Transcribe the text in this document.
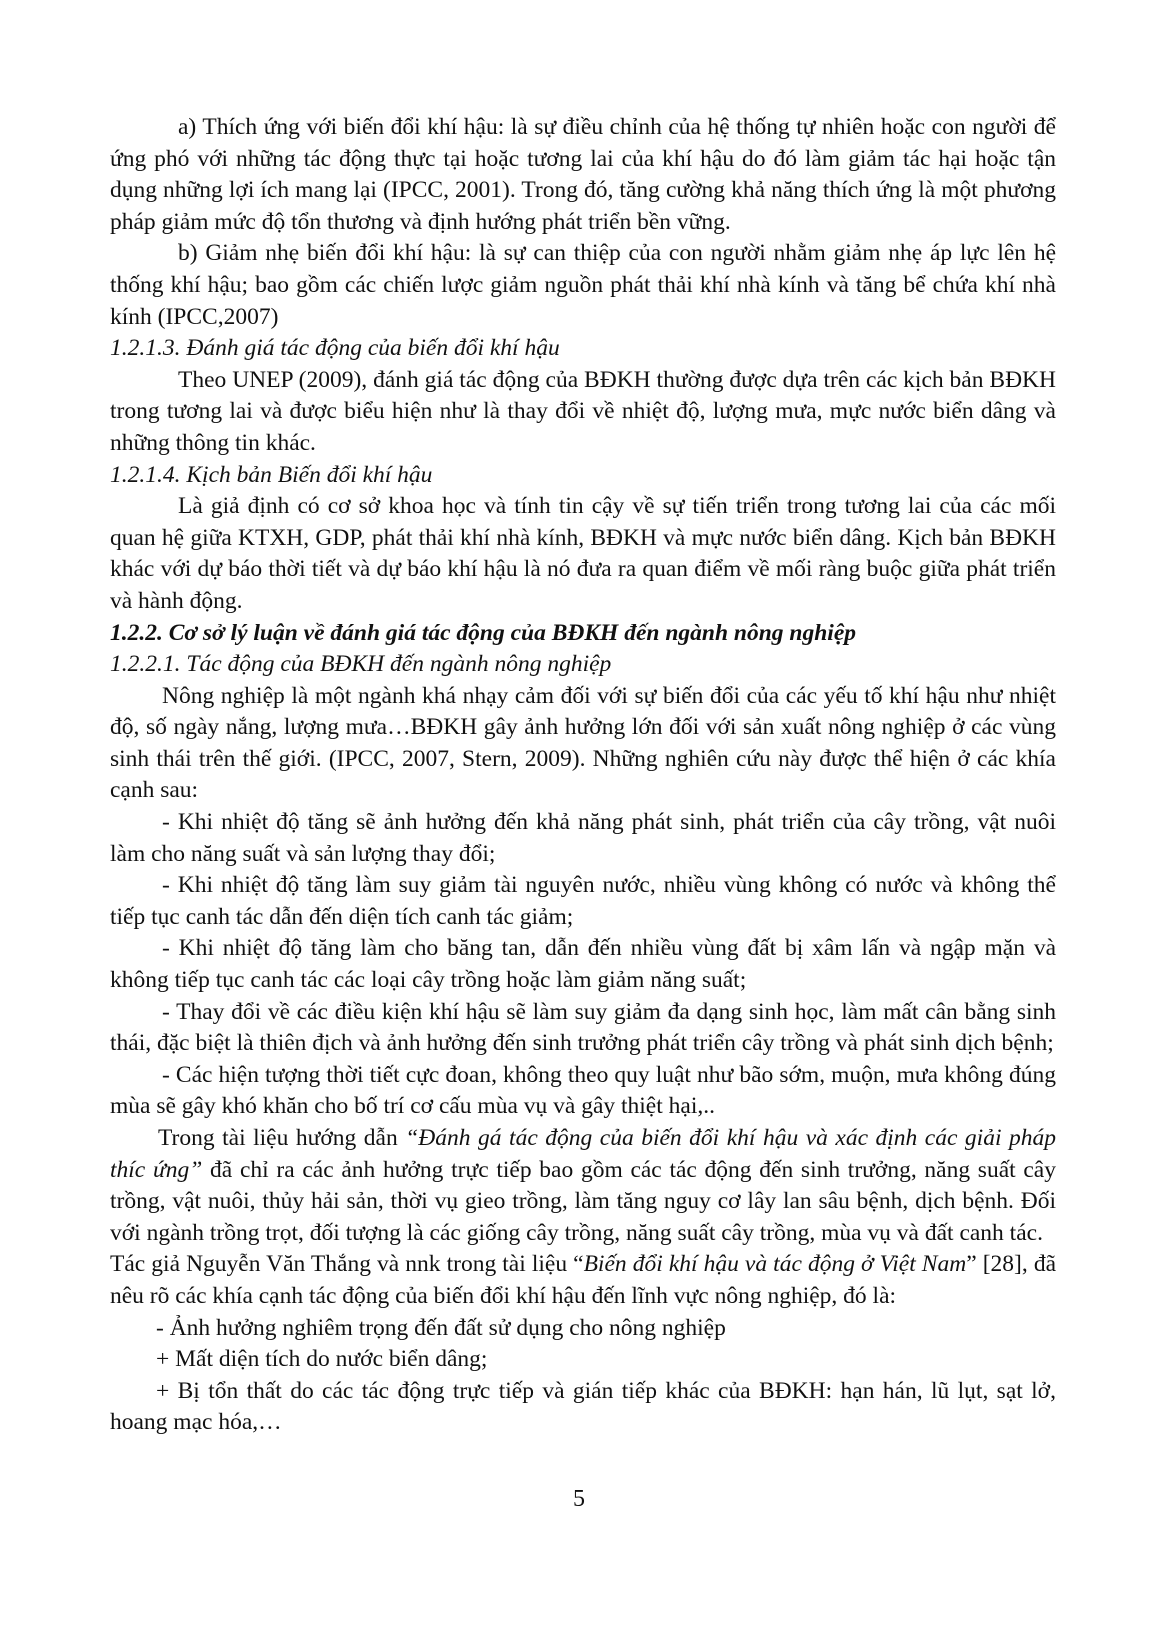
a) Thích ứng với biến đổi khí hậu: là sự điều chỉnh của hệ thống tự nhiên hoặc con người để ứng phó với những tác động thực tại hoặc tương lai của khí hậu do đó làm giảm tác hại hoặc tận dụng những lợi ích mang lại (IPCC, 2001). Trong đó, tăng cường khả năng thích ứng là một phương pháp giảm mức độ tổn thương và định hướng phát triển bền vững.

b) Giảm nhẹ biến đổi khí hậu: là sự can thiệp của con người nhằm giảm nhẹ áp lực lên hệ thống khí hậu; bao gồm các chiến lược giảm nguồn phát thải khí nhà kính và tăng bể chứa khí nhà kính (IPCC,2007)

1.2.1.3. Đánh giá tác động của biến đổi khí hậu

Theo UNEP (2009), đánh giá tác động của BĐKH thường được dựa trên các kịch bản BĐKH trong tương lai và được biểu hiện như là thay đổi về nhiệt độ, lượng mưa, mực nước biển dâng và những thông tin khác.

1.2.1.4. Kịch bản Biến đổi khí hậu

Là giả định có cơ sở khoa học và tính tin cậy về sự tiến triển trong tương lai của các mối quan hệ giữa KTXH, GDP, phát thải khí nhà kính, BĐKH và mực nước biển dâng. Kịch bản BĐKH khác với dự báo thời tiết và dự báo khí hậu là nó đưa ra quan điểm về mối ràng buộc giữa phát triển và hành động.

1.2.2. Cơ sở lý luận về đánh giá tác động của BĐKH đến ngành nông nghiệp

1.2.2.1. Tác động của BĐKH đến ngành nông nghiệp

Nông nghiệp là một ngành khá nhạy cảm đối với sự biến đổi của các yếu tố khí hậu như nhiệt độ, số ngày nắng, lượng mưa…BĐKH gây ảnh hưởng lớn đối với sản xuất nông nghiệp ở các vùng sinh thái trên thế giới. (IPCC, 2007, Stern, 2009). Những nghiên cứu này được thể hiện ở các khía cạnh sau:

- Khi nhiệt độ tăng sẽ ảnh hưởng đến khả năng phát sinh, phát triển của cây trồng, vật nuôi làm cho năng suất và sản lượng thay đổi;

- Khi nhiệt độ tăng làm suy giảm tài nguyên nước, nhiều vùng không có nước và không thể tiếp tục canh tác dẫn đến diện tích canh tác giảm;

- Khi nhiệt độ tăng làm cho băng tan, dẫn đến nhiều vùng đất bị xâm lấn và ngập mặn và không tiếp tục canh tác các loại cây trồng hoặc làm giảm năng suất;

- Thay đổi về các điều kiện khí hậu sẽ làm suy giảm đa dạng sinh học, làm mất cân bằng sinh thái, đặc biệt là thiên địch và ảnh hưởng đến sinh trưởng phát triển cây trồng và phát sinh dịch bệnh;

- Các hiện tượng thời tiết cực đoan, không theo quy luật như bão sớm, muộn, mưa không đúng mùa sẽ gây khó khăn cho bố trí cơ cấu mùa vụ và gây thiệt hại,..

Trong tài liệu hướng dẫn “Đánh gá tác động của biến đổi khí hậu và xác định các giải pháp thíc ứng” đã chỉ ra các ảnh hưởng trực tiếp bao gồm các tác động đến sinh trưởng, năng suất cây trồng, vật nuôi, thủy hải sản, thời vụ gieo trồng, làm tăng nguy cơ lây lan sâu bệnh, dịch bệnh. Đối với ngành trồng trọt, đối tượng là các giống cây trồng, năng suất cây trồng, mùa vụ và đất canh tác.

Tác giả Nguyễn Văn Thắng và nnk trong tài liệu “Biến đổi khí hậu và tác động ở Việt Nam” [28], đã nêu rõ các khía cạnh tác động của biến đổi khí hậu đến lĩnh vực nông nghiệp, đó là:

- Ảnh hưởng nghiêm trọng đến đất sử dụng cho nông nghiệp

+ Mất diện tích do nước biển dâng;

+ Bị tổn thất do các tác động trực tiếp và gián tiếp khác của BĐKH: hạn hán, lũ lụt, sạt lở, hoang mạc hóa,…

5
